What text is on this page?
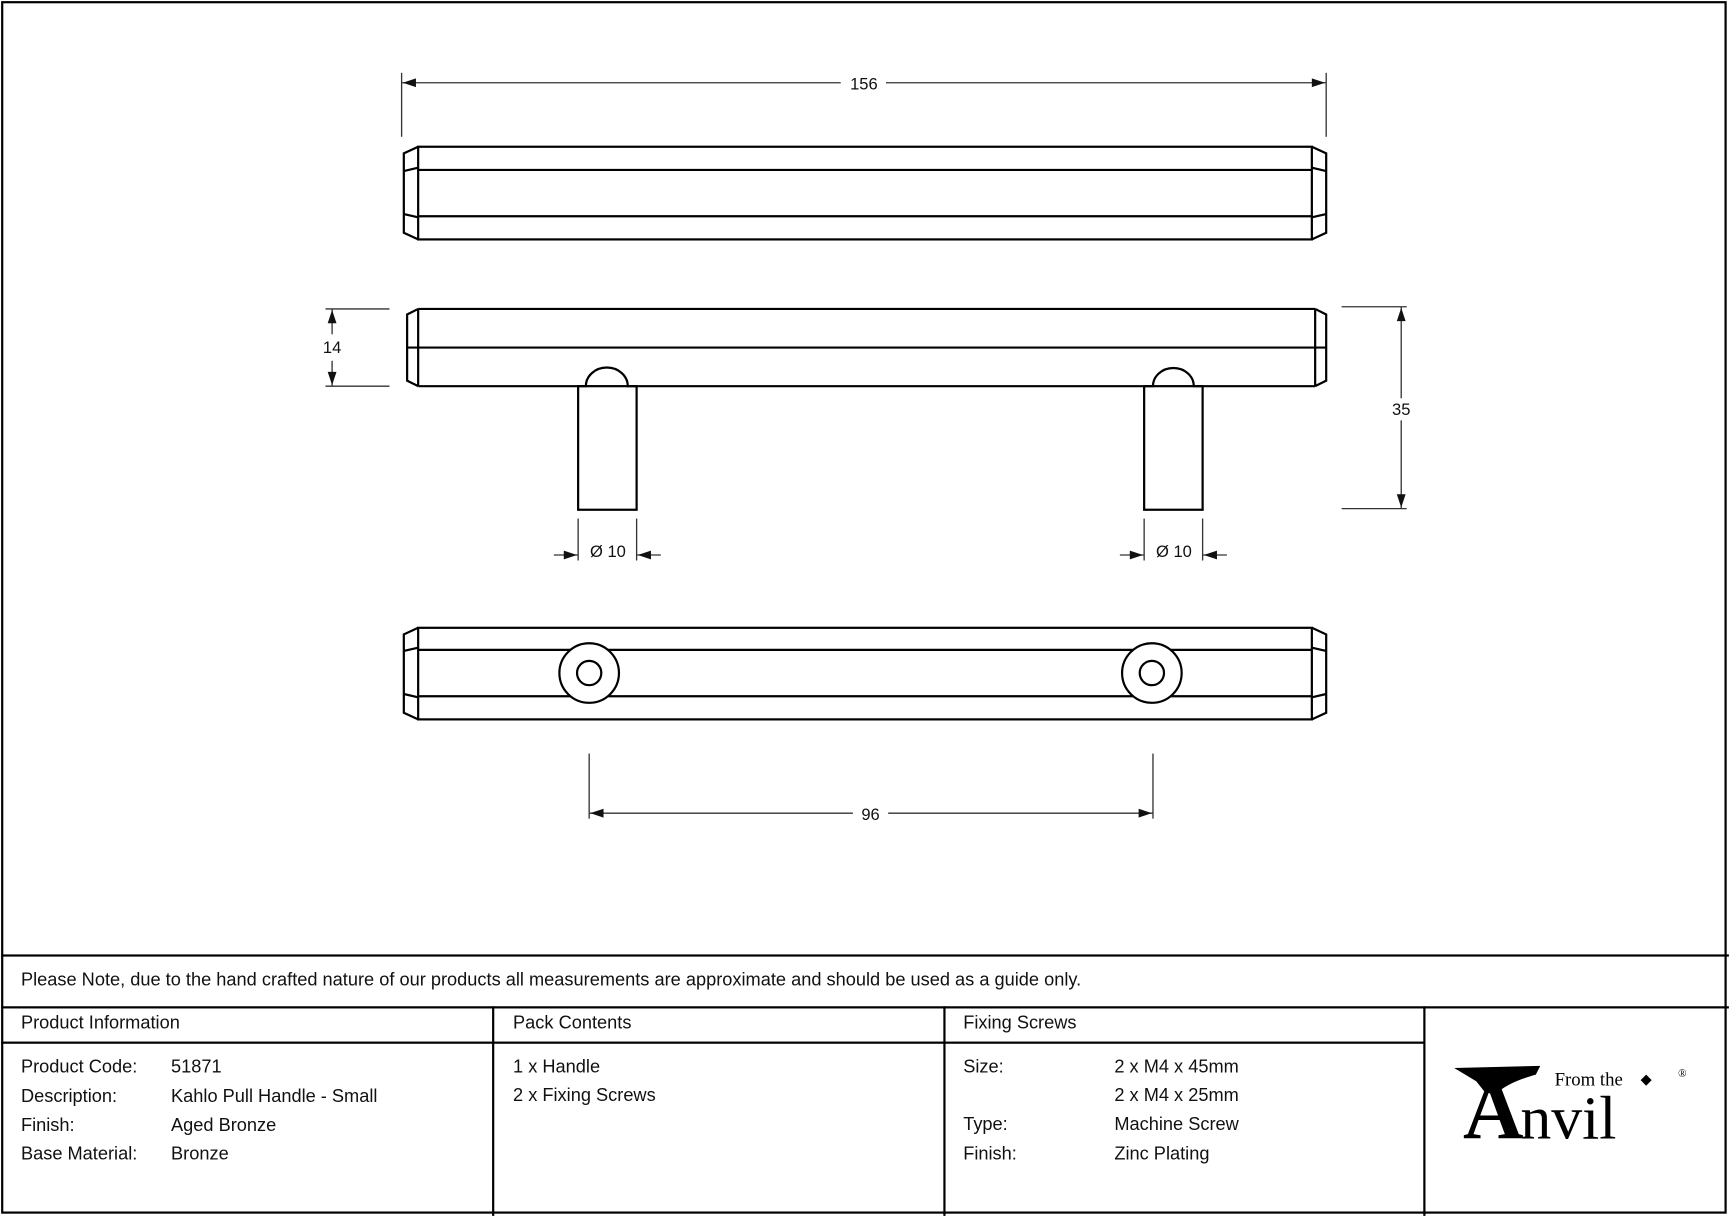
156
14
35
Ø 10	Ø 10
96
Please Note, due to the hand crafted nature of our products all measurements are approximate and should be used as a guide only.
Product Information
Product Code: 51871
Description:	Kahlo Pull Handle - Small
Finish:	Aged Bronze
Base Material: Bronze
Pack Contents
1 x Handle
2 x Fixing Screws
Fixing Screws
Size:	2 x M4 x 45mm
2 x M4 x 25mm
Type:	Machine Screw
Finish:	Zinc Plating	A
nvil
From the	®
